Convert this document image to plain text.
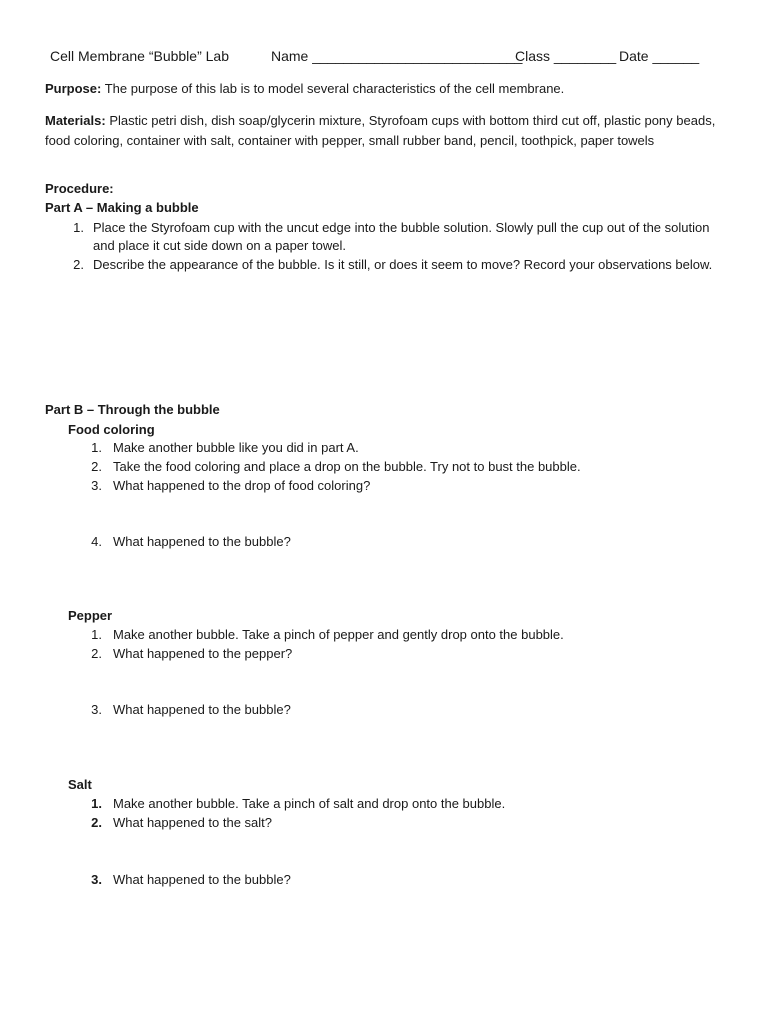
Cell Membrane “Bubble” Lab	Name ___________________________
Class ________ Date ______
Purpose: The purpose of this lab is to model several characteristics of the cell membrane.
Materials: Plastic petri dish, dish soap/glycerin mixture, Styrofoam cups with bottom third cut off, plastic pony beads, food coloring, container with salt, container with pepper, small rubber band, pencil, toothpick, paper towels
Procedure:
Part A – Making a bubble
1. Place the Styrofoam cup with the uncut edge into the bubble solution. Slowly pull the cup out of the solution and place it cut side down on a paper towel.
2. Describe the appearance of the bubble. Is it still, or does it seem to move? Record your observations below.
Part B – Through the bubble
Food coloring
1. Make another bubble like you did in part A.
2. Take the food coloring and place a drop on the bubble. Try not to bust the bubble.
3. What happened to the drop of food coloring?
4. What happened to the bubble?
Pepper
1. Make another bubble. Take a pinch of pepper and gently drop onto the bubble.
2. What happened to the pepper?
3. What happened to the bubble?
Salt
1. Make another bubble. Take a pinch of salt and drop onto the bubble.
2. What happened to the salt?
3. What happened to the bubble?
